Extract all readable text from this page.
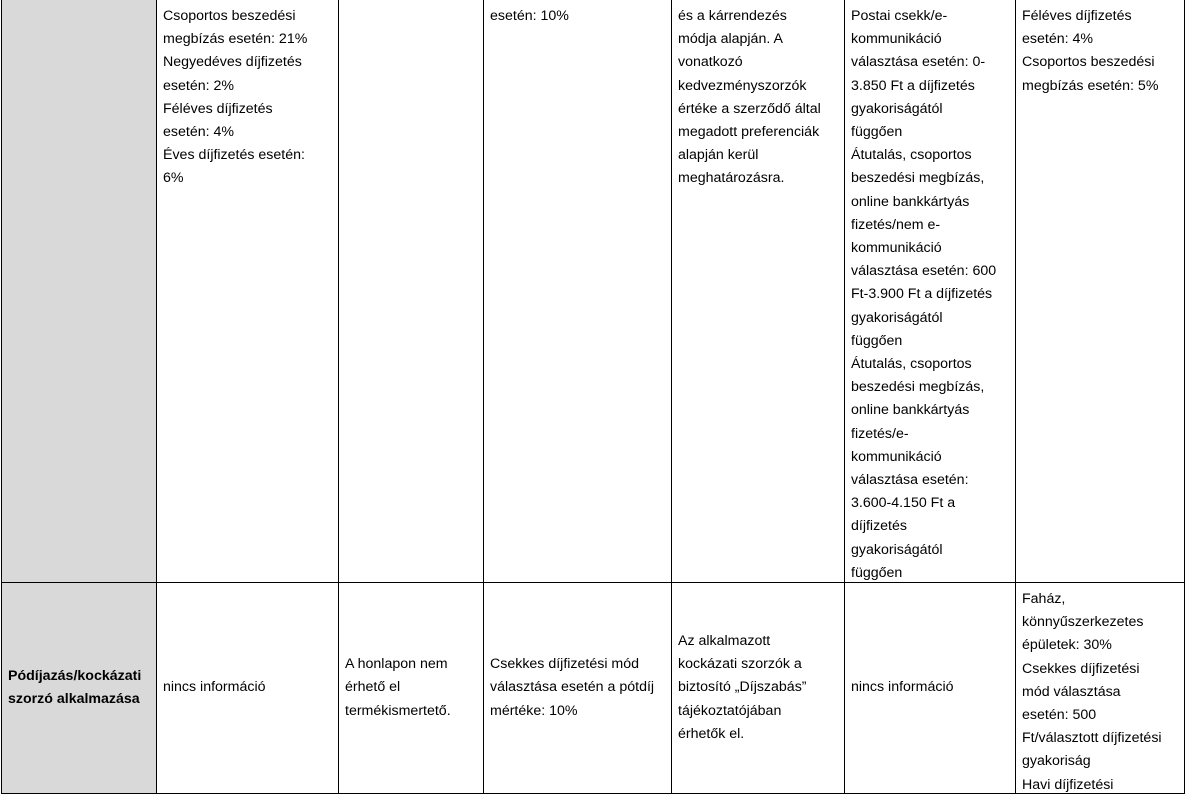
Csoportos beszedési
megbízás esetén: 21%
Negyedéves díjfizetés
esetén: 2%
Féléves díjfizetés
esetén: 4%
Éves díjfizetés esetén:
6%
esetén: 10%	és a kárrendezés
módja alapján. A
vonatkozó
kedvezményszorzók
értéke a szerződő által
megadott preferenciák
alapján kerül
meghatározásra.
Postai csekk/e-
kommunikáció
választása esetén: 0-
3.850 Ft a díjfizetés
gyakoriságától
függően
Átutalás, csoportos
beszedési megbízás,
online bankkártyás
fizetés/nem e-
kommunikáció
választása esetén: 600
Ft-3.900 Ft a díjfizetés
gyakoriságától
függően
Átutalás, csoportos
beszedési megbízás,
online bankkártyás
fizetés/e-
kommunikáció
választása esetén:
3.600-4.150 Ft a
díjfizetés
gyakoriságától
függően
Féléves díjfizetés
esetén: 4%
Csoportos beszedési
megbízás esetén: 5%
Pódíjazás/kockázati
szorzó alkalmazása
nincs információ
A honlapon nem
érhető el
termékismertető.
Csekkes díjfizetési mód
választása esetén a pótdíj
mértéke: 10%
Az alkalmazott
kockázati szorzók a
biztosító „Díjszabás”
tájékoztatójában
érhetők el.
nincs információ
Faház,
könnyűszerkezetes
épületek: 30%
Csekkes díjfizetési
mód választása
esetén: 500
Ft/választott díjfizetési
gyakoriság
Havi díjfizetési
